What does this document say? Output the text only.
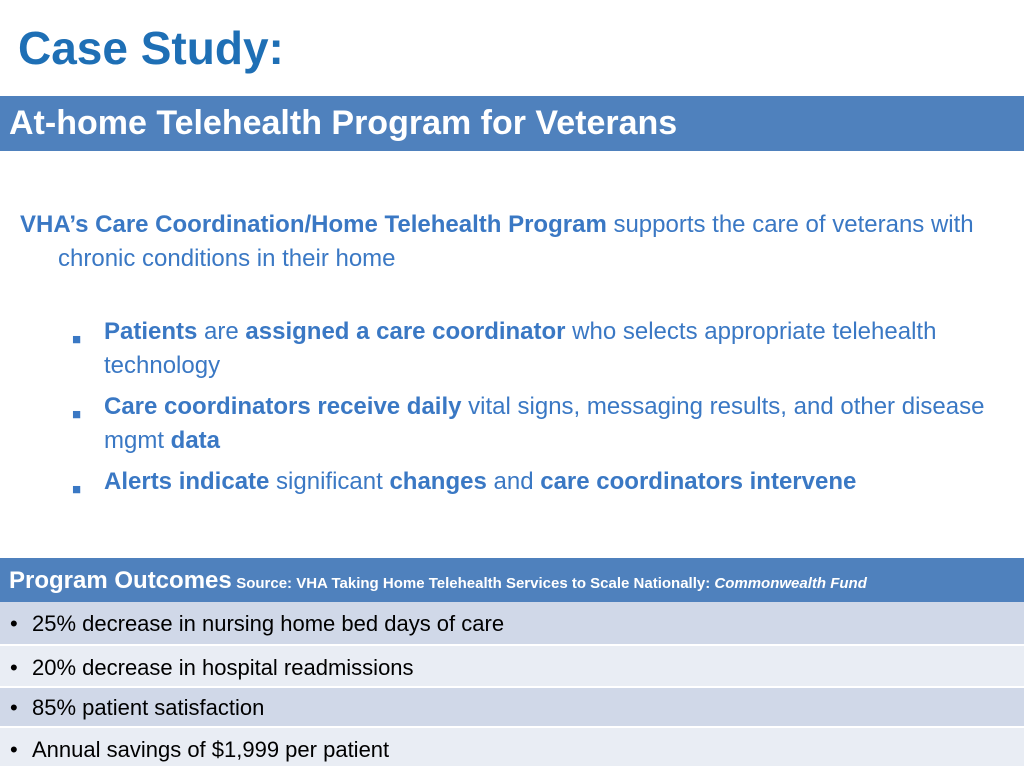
Case Study:
At-home Telehealth Program for Veterans
VHA’s Care Coordination/Home Telehealth Program supports the care of veterans with chronic conditions in their home
■ Patients are assigned a care coordinator who selects appropriate telehealth technology
■ Care coordinators receive daily vital signs, messaging results, and other disease mgmt data
■ Alerts indicate significant changes and care coordinators intervene
Program Outcomes Source: VHA Taking Home Telehealth Services to Scale Nationally: Commonwealth Fund
• 25% decrease in nursing home bed days of care
• 20% decrease in hospital readmissions
• 85% patient satisfaction
• Annual savings of $1,999 per patient
